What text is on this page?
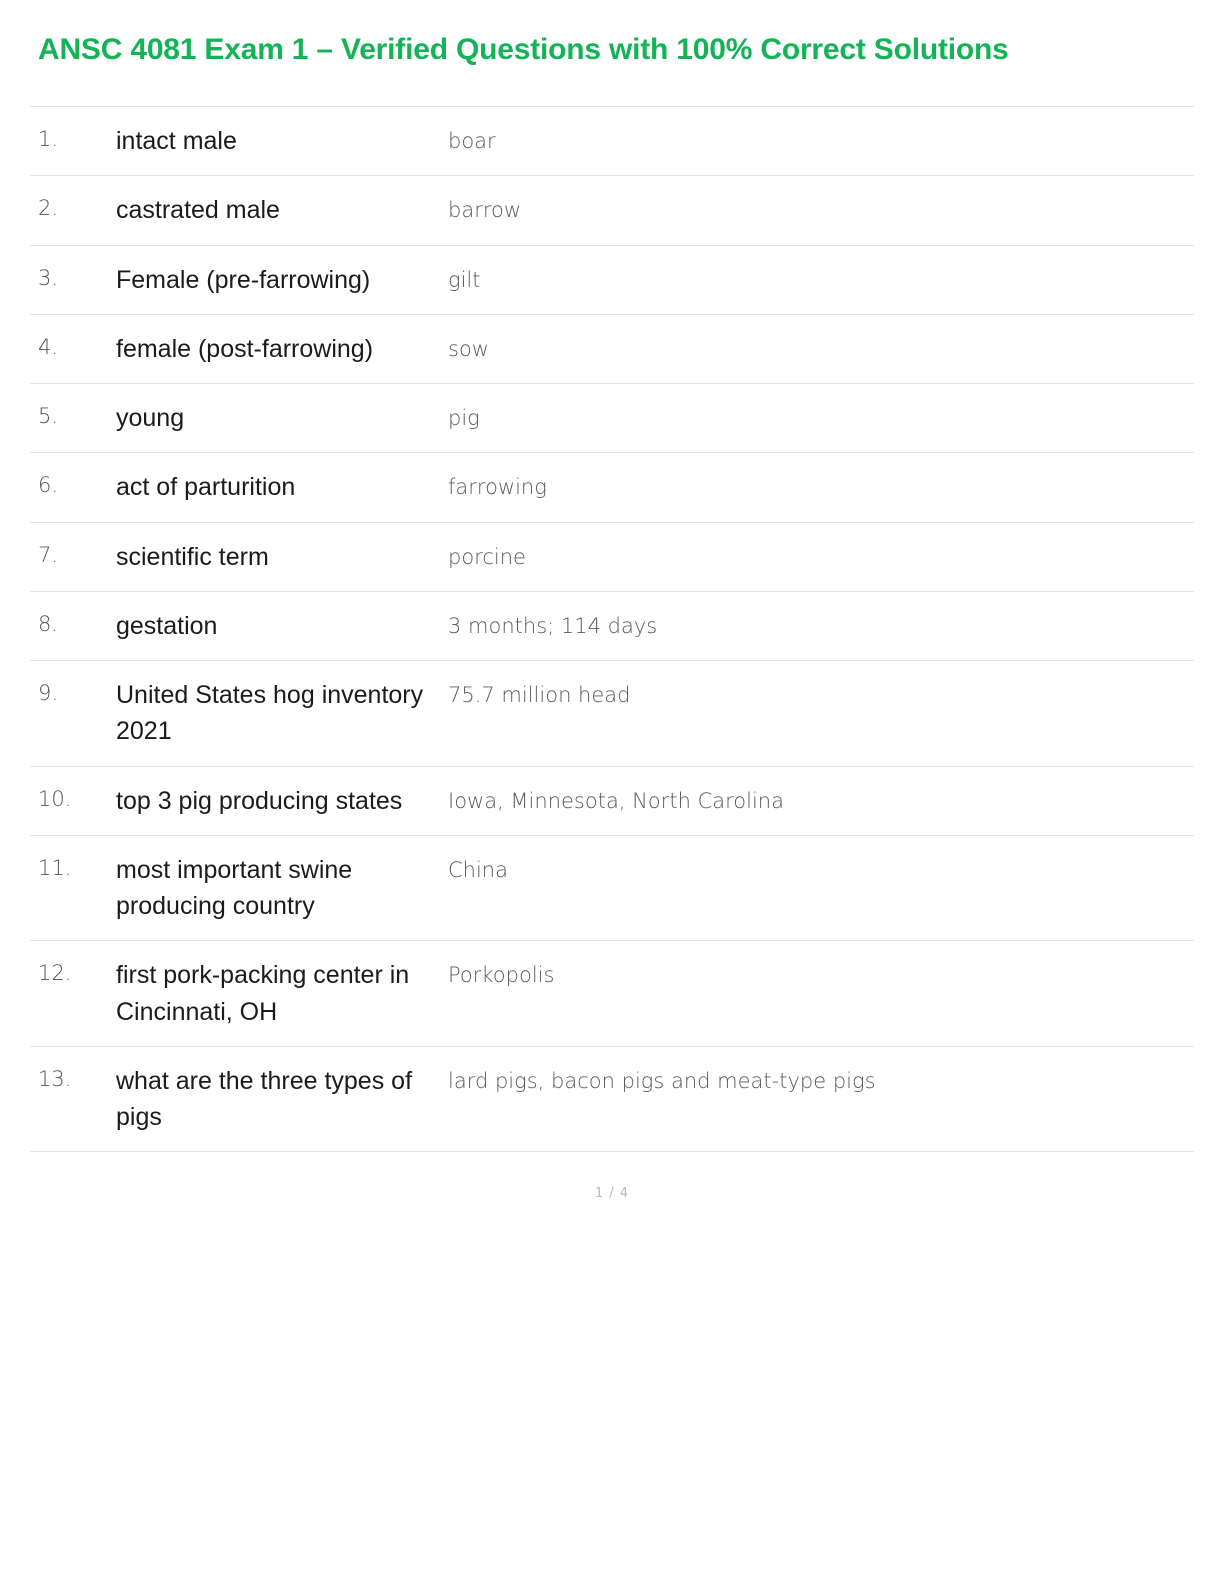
ANSC 4081 Exam 1 – Verified Questions with 100% Correct Solutions
1.	intact male	boar
2.	castrated male	barrow
3.	Female (pre-farrowing)	gilt
4.	female (post-farrowing)	sow
5.	young	pig
6.	act of parturition	farrowing
7.	scientific term	porcine
8.	gestation	3 months; 114 days
9.	United States hog inventory 2021	75.7 million head
10.	top 3 pig producing states	Iowa, Minnesota, North Carolina
11.	most important swine producing country	China
12.	first pork-packing center in Cincinnati, OH	Porkopolis
13.	what are the three types of pigs	lard pigs, bacon pigs and meat-type pigs
1 / 4
